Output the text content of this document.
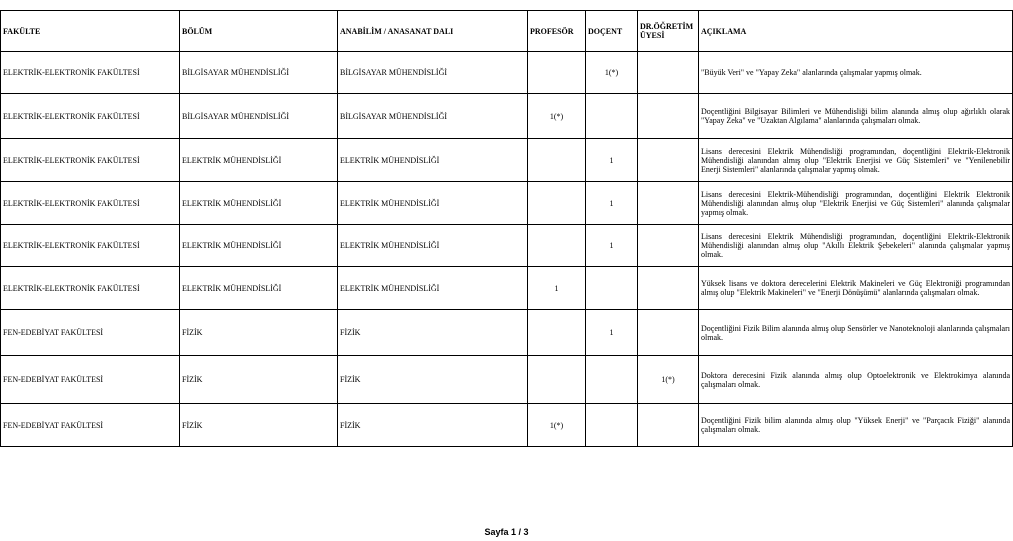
FAKÜLTE	BÖLÜM	ANABİLİM / ANASANAT DALI	PROFESÖR	DOÇENT	DR.ÖĞRETİM ÜYESİ	AÇIKLAMA
ELEKTRİK-ELEKTRONİK FAKÜLTESİ	BİLGİSAYAR MÜHENDİSLİĞİ	BİLGİSAYAR MÜHENDİSLİĞİ		1(*)		"Büyük Veri" ve "Yapay Zeka" alanlarında çalışmalar yapmış olmak.
ELEKTRİK-ELEKTRONİK FAKÜLTESİ	BİLGİSAYAR MÜHENDİSLİĞİ	BİLGİSAYAR MÜHENDİSLİĞİ	1(*)			Doçentliğini Bilgisayar Bilimleri ve Mühendisliği bilim alanında almış olup ağırlıklı olarak "Yapay Zeka" ve "Uzaktan Algılama" alanlarında çalışmaları olmak.
ELEKTRİK-ELEKTRONİK FAKÜLTESİ	ELEKTRİK MÜHENDİSLİĞİ	ELEKTRİK MÜHENDİSLİĞİ		1		Lisans derecesini Elektrik Mühendisliği programından, doçentliğini Elektrik-Elektronik Mühendisliği alanından almış olup "Elektrik Enerjisi ve Güç Sistemleri" ve "Yenilenebilir Enerji Sistemleri" alanlarında çalışmalar yapmış olmak.
ELEKTRİK-ELEKTRONİK FAKÜLTESİ	ELEKTRİK MÜHENDİSLİĞİ	ELEKTRİK MÜHENDİSLİĞİ		1		Lisans derecesini Elektrik-Mühendisliği programından, doçentliğini Elektrik Elektronik Mühendisliği alanından almış olup "Elektrik Enerjisi ve Güç Sistemleri" alanında çalışmalar yapmış olmak.
ELEKTRİK-ELEKTRONİK FAKÜLTESİ	ELEKTRİK MÜHENDİSLİĞİ	ELEKTRİK MÜHENDİSLİĞİ		1		Lisans derecesini Elektrik Mühendisliği programından, doçentliğini Elektrik-Elektronik Mühendisliği alanından almış olup "Akıllı Elektrik Şebekeleri" alanında çalışmalar yapmış olmak.
ELEKTRİK-ELEKTRONİK FAKÜLTESİ	ELEKTRİK MÜHENDİSLİĞİ	ELEKTRİK MÜHENDİSLİĞİ	1			Yüksek lisans ve doktora derecelerini Elektrik Makineleri ve Güç Elektroniği programından almış olup "Elektrik Makineleri" ve "Enerji Dönüşümü" alanlarında çalışmaları olmak.
FEN-EDEBİYAT FAKÜLTESİ	FİZİK	FİZİK		1		Doçentliğini Fizik Bilim alanında almış olup Sensörler ve Nanoteknoloji alanlarında çalışmaları olmak.
FEN-EDEBİYAT FAKÜLTESİ	FİZİK	FİZİK			1(*)	Doktora derecesini Fizik alanında almış olup Optoelektronik ve Elektrokimya alanında çalışmaları olmak.
FEN-EDEBİYAT FAKÜLTESİ	FİZİK	FİZİK	1(*)			Doçentliğini Fizik bilim alanında almış olup "Yüksek Enerji" ve "Parçacık Fiziği" alanında çalışmaları olmak.
Sayfa 1 / 3
